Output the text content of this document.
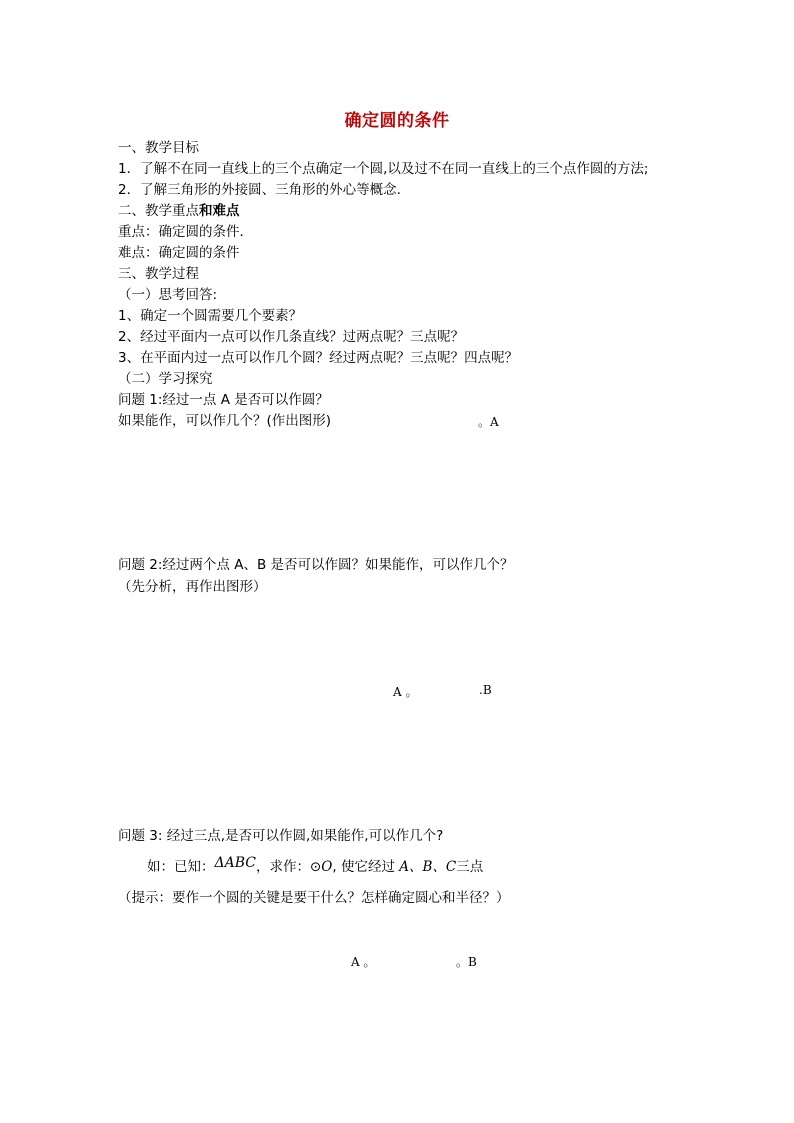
确定圆的条件
一、教学目标
1．了解不在同一直线上的三个点确定一个圆,以及过不在同一直线上的三个点作圆的方法;
2．了解三角形的外接圆、三角形的外心等概念.
二、教学重点和难点
重点：确定圆的条件．
难点：确定圆的条件
三、教学过程
（一）思考回答:
1、确定一个圆需要几个要素？
2、经过平面内一点可以作几条直线？过两点呢？三点呢？
3、在平面内过一点可以作几个圆？经过两点呢？三点呢？四点呢？
（二）学习探究
问题 1:经过一点 A 是否可以作圆？
如果能作，可以作几个？(作出图形)	。A
问题 2:经过两个点 A、B 是否可以作圆？如果能作，可以作几个？
（先分析，再作出图形）
A 。	.B
问题 3: 经过三点,是否可以作圆,如果能作,可以作几个?
如：已知：ΔABC，求作：⊙O, 使它经过 A、B、C三点
（提示：要作一个圆的关键是要干什么？怎样确定圆心和半径？）
A 。	。B
